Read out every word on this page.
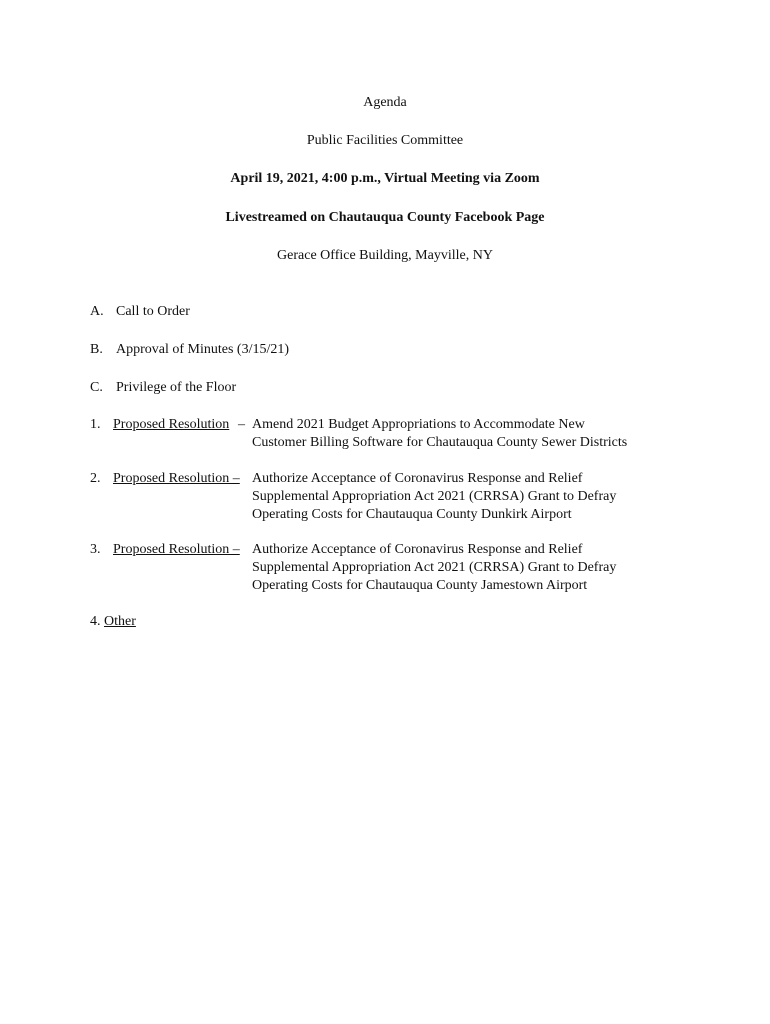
Agenda
Public Facilities Committee
April 19, 2021, 4:00 p.m., Virtual Meeting via Zoom
Livestreamed on Chautauqua County Facebook Page
Gerace Office Building, Mayville, NY
A. Call to Order
B. Approval of Minutes (3/15/21)
C. Privilege of the Floor
1. Proposed Resolution – Amend 2021 Budget Appropriations to Accommodate New
Customer Billing Software for Chautauqua County Sewer Districts
2. Proposed Resolution – Authorize Acceptance of Coronavirus Response and Relief
Supplemental Appropriation Act 2021 (CRRSA) Grant to Defray
Operating Costs for Chautauqua County Dunkirk Airport
3. Proposed Resolution – Authorize Acceptance of Coronavirus Response and Relief
Supplemental Appropriation Act 2021 (CRRSA) Grant to Defray
Operating Costs for Chautauqua County Jamestown Airport
4. Other
